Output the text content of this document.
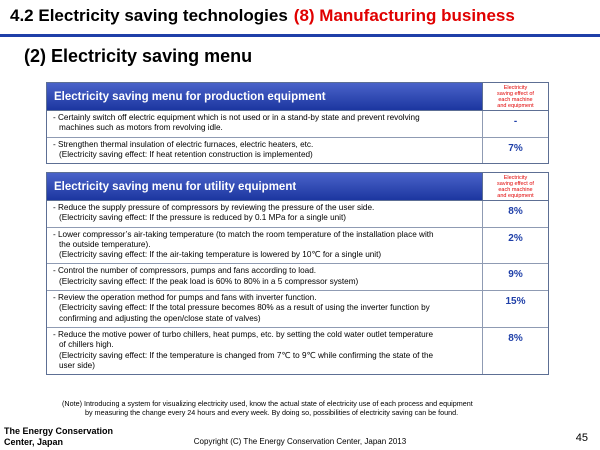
4.2 Electricity saving technologies (8) Manufacturing business
(2) Electricity saving menu
Electricity saving menu for production equipment
Electricity
saving effect of
each machine
and equipment
- Certainly switch off electric equipment which is not used or in a stand-by state and prevent revolving
machines such as motors from revolving idle.
-
- Strengthen thermal insulation of electric furnaces, electric heaters, etc.
(Electricity saving effect: If heat retention construction is implemented)
7%
Electricity saving menu for utility equipment
Electricity
saving effect of
each machine
and equipment
- Reduce the supply pressure of compressors by reviewing the pressure of the user side.
(Electricity saving effect: If the pressure is reduced by 0.1 MPa for a single unit)
8%
- Lower compressor’s air-taking temperature (to match the room temperature of the installation place with
the outside temperature).
(Electricity saving effect: If the air-taking temperature is lowered by 10℃ for a single unit)
2%
- Control the number of compressors, pumps and fans according to load.
(Electricity saving effect: If the peak load is 60% to 80% in a 5 compressor system)
9%
- Review the operation method for pumps and fans with inverter function.
(Electricity saving effect: If the total pressure becomes 80% as a result of using the inverter function by
confirming and adjusting the open/close state of valves)
15%
- Reduce the motive power of turbo chillers, heat pumps, etc. by setting the cold water outlet temperature
of chillers high.
(Electricity saving effect: If the temperature is changed from 7℃ to 9℃ while confirming the state of the
user side)
8%
(Note) Introducing a system for visualizing electricity used, know the actual state of electricity use of each process and equipment
by measuring the change every 24 hours and every week. By doing so, possibilities of electricity saving can be found.
The Energy Conservation
Center, Japan	Copyright (C) The Energy Conservation Center, Japan 2013	45
